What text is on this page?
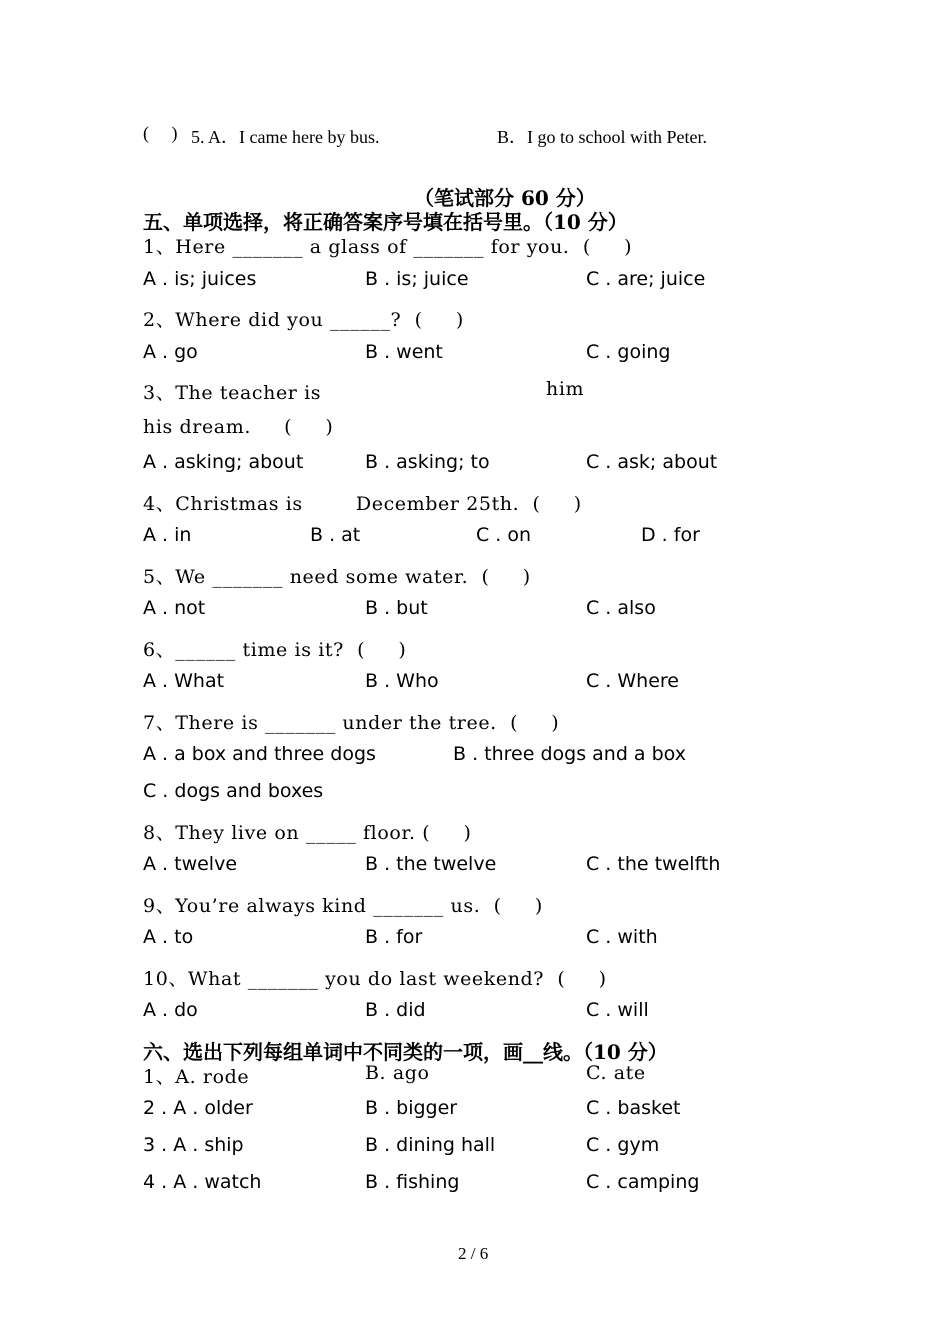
(     ) 5. A．I came here by bus.	B．I go to school with Peter.
（笔试部分 60 分）
五、单项选择，将正确答案序号填在括号里。（10 分）
1、Here _______ a glass of _______ for you.  (     )
A . is; juices	B . is; juice	C . are; juice
2、Where did you ______?  (     )
A . go	B . went	C . going
3、The teacher is	him
his dream.     (     )
A . asking; about	B . asking; to	C . ask; about
4、Christmas is        December 25th.  (     )
A . in	B . at	C . on	D . for
5、We _______ need some water.  (     )
A . not	B . but	C . also
6、______ time is it?  (     )
A . What	B . Who	C . Where
7、There is _______ under the tree.  (     )
A . a box and three dogs	B . three dogs and a box
C . dogs and boxes
8、They live on _____ floor. (     )
A . twelve	B . the twelve	C . the twelfth
9、You’re always kind _______ us.  (     )
A . to	B . for	C . with
10、What _______ you do last weekend?  (     )
A . do	B . did	C . will
六、选出下列每组单词中不同类的一项，画__线。（10 分）
1、A. rode	B. ago	C. ate
2 . A . older	B . bigger	C . basket
3 . A . ship	B . dining hall	C . gym
4 . A . watch	B . fishing	C . camping
2 / 6
